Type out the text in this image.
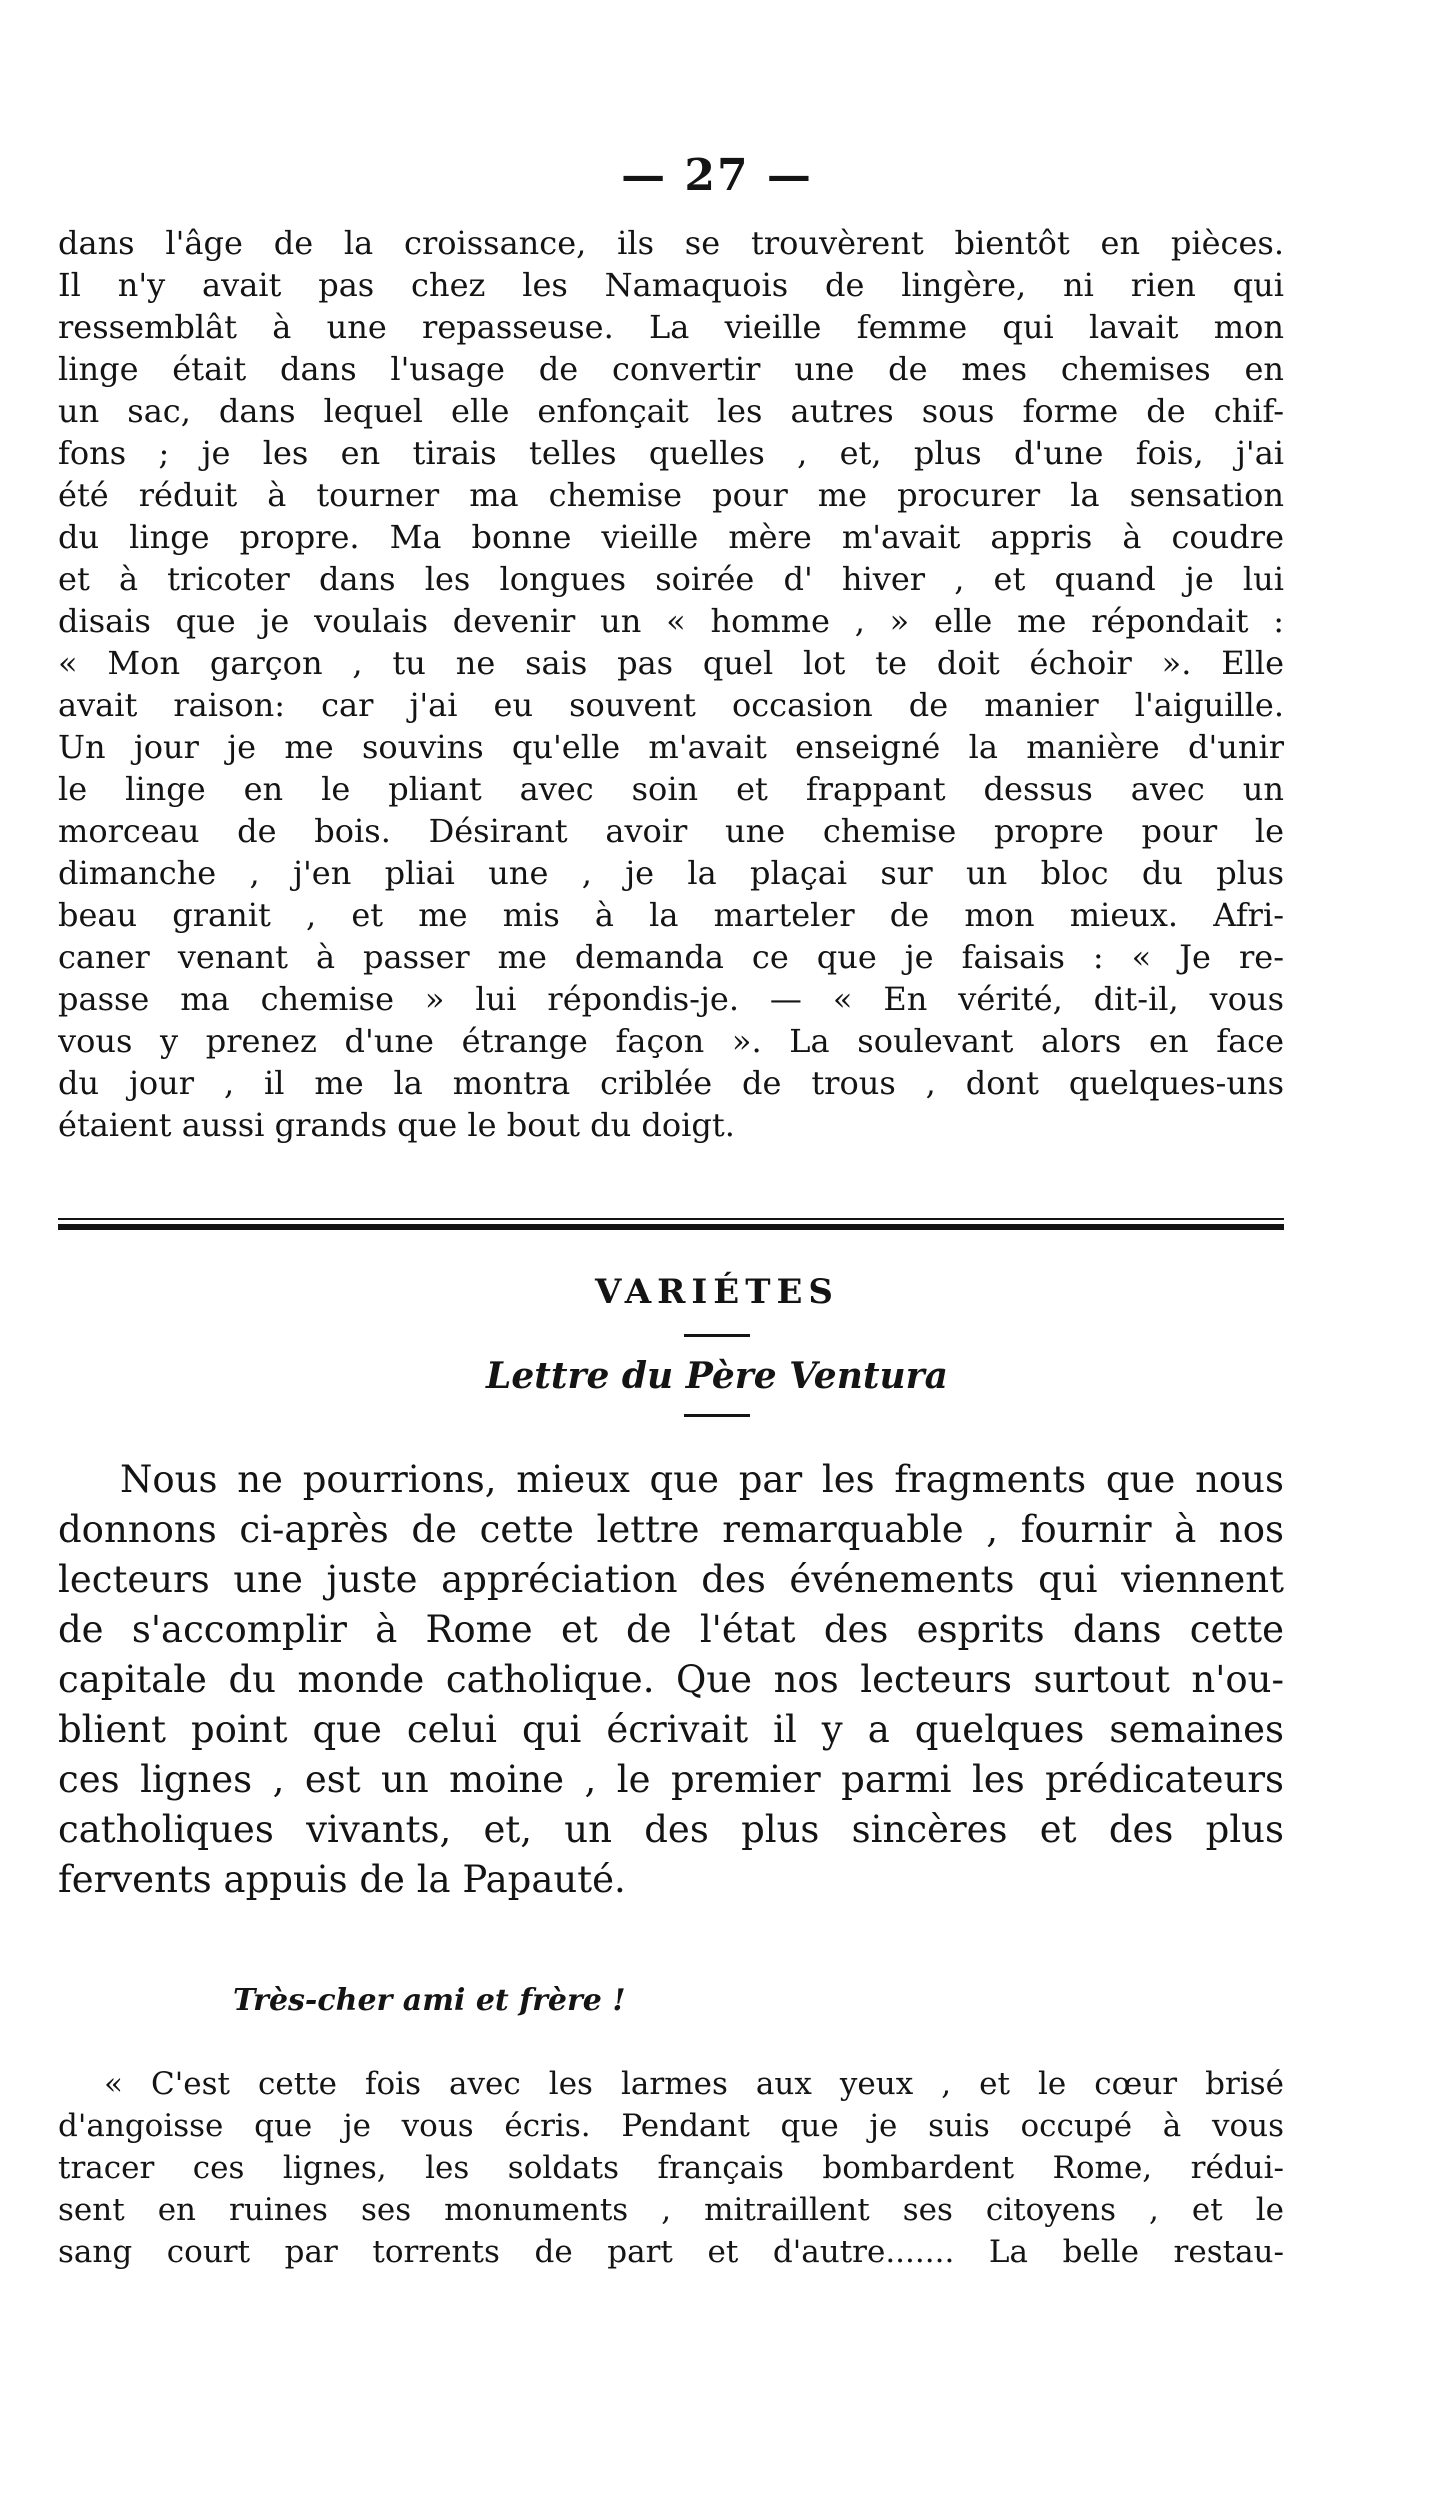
— 27 —
dans l'âge de la croissance, ils se trouvèrent bientôt en pièces.
Il n'y avait pas chez les Namaquois de lingère, ni rien qui
ressemblât à une repasseuse. La vieille femme qui lavait mon
linge était dans l'usage de convertir une de mes chemises en
un sac, dans lequel elle enfonçait les autres sous forme de chif-
fons ; je les en tirais telles quelles , et, plus d'une fois, j'ai
été réduit à tourner ma chemise pour me procurer la sensation
du linge propre. Ma bonne vieille mère m'avait appris à coudre
et à tricoter dans les longues soirée d' hiver , et quand je lui
disais que je voulais devenir un « homme , » elle me répondait :
« Mon garçon , tu ne sais pas quel lot te doit échoir ». Elle
avait raison: car j'ai eu souvent occasion de manier l'aiguille.
Un jour je me souvins qu'elle m'avait enseigné la manière d'unir
le linge en le pliant avec soin et frappant dessus avec un
morceau de bois. Désirant avoir une chemise propre pour le
dimanche , j'en pliai une , je la plaçai sur un bloc du plus
beau granit , et me mis à la marteler de mon mieux. Afri-
caner venant à passer me demanda ce que je faisais : « Je re-
passe ma chemise » lui répondis-je. — « En vérité, dit-il, vous
vous y prenez d'une étrange façon ». La soulevant alors en face
du jour , il me la montra criblée de trous , dont quelques-uns
étaient aussi grands que le bout du doigt.
VARIÉTES
Lettre du Père Ventura
Nous ne pourrions, mieux que par les fragments que nous
donnons ci-après de cette lettre remarquable , fournir à nos
lecteurs une juste appréciation des événements qui viennent
de s'accomplir à Rome et de l'état des esprits dans cette
capitale du monde catholique. Que nos lecteurs surtout n'ou-
blient point que celui qui écrivait il y a quelques semaines
ces lignes , est un moine , le premier parmi les prédicateurs
catholiques vivants, et, un des plus sincères et des plus
fervents appuis de la Papauté.
Très-cher ami et frère !
« C'est cette fois avec les larmes aux yeux , et le cœur brisé
d'angoisse que je vous écris. Pendant que je suis occupé à vous
tracer ces lignes, les soldats français bombardent Rome, rédui-
sent en ruines ses monuments , mitraillent ses citoyens , et le
sang court par torrents de part et d'autre....... La belle restau-
